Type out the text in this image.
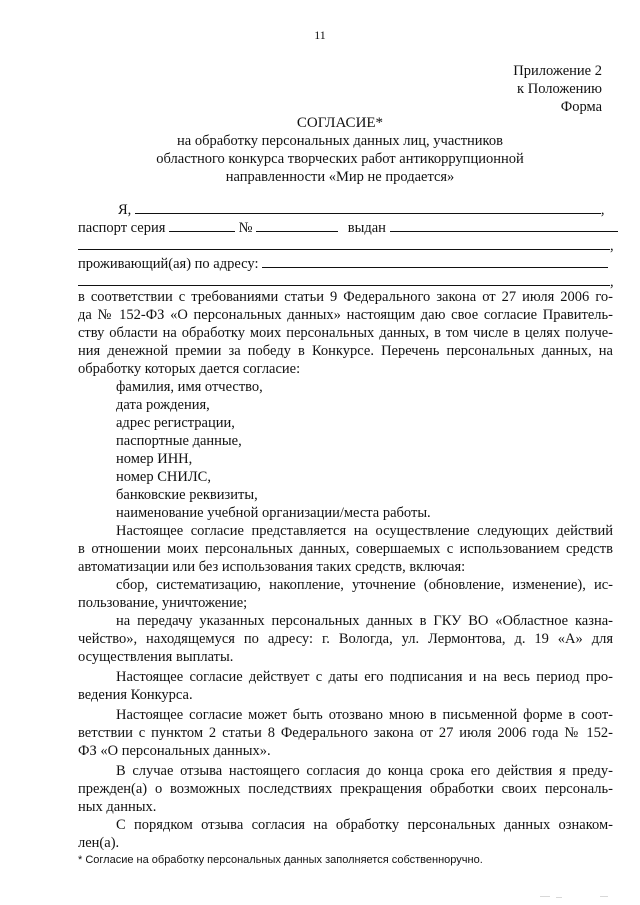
11
Приложение 2
к Положению
Форма
СОГЛАСИЕ*
на обработку персональных данных лиц, участников
областного конкурса творческих работ антикоррупционной
направленности «Мир не продается»
Я,	,
паспорт серия	№	выдан
,
проживающий(ая) по адресу:
,
в соответствии с требованиями статьи 9 Федерального закона от 27 июля 2006 го-
да № 152-ФЗ «О персональных данных» настоящим даю свое согласие Правитель-
ству области на обработку моих персональных данных, в том числе в целях получе-
ния денежной премии за победу в Конкурсе. Перечень персональных данных, на
обработку которых дается согласие:
фамилия, имя отчество,
дата рождения,
адрес регистрации,
паспортные данные,
номер ИНН,
номер СНИЛС,
банковские реквизиты,
наименование учебной организации/места работы.
Настоящее согласие представляется на осуществление следующих действий
в отношении моих персональных данных, совершаемых с использованием средств
автоматизации или без использования таких средств, включая:
сбор, систематизацию, накопление, уточнение (обновление, изменение), ис-
пользование, уничтожение;
на передачу указанных персональных данных в ГКУ ВО «Областное казна-
чейство», находящемуся по адресу: г. Вологда, ул. Лермонтова, д. 19 «А» для
осуществления выплаты.
Настоящее согласие действует с даты его подписания и на весь период про-
ведения Конкурса.
Настоящее согласие может быть отозвано мною в письменной форме в соот-
ветствии с пунктом 2 статьи 8 Федерального закона от 27 июля 2006 года № 152-
ФЗ «О персональных данных».
В случае отзыва настоящего согласия до конца срока его действия я преду-
прежден(а) о возможных последствиях прекращения обработки своих персональ-
ных данных.
С порядком отзыва согласия на обработку персональных данных ознаком-
лен(а).
* Согласие на обработку персональных данных заполняется собственноручно.
